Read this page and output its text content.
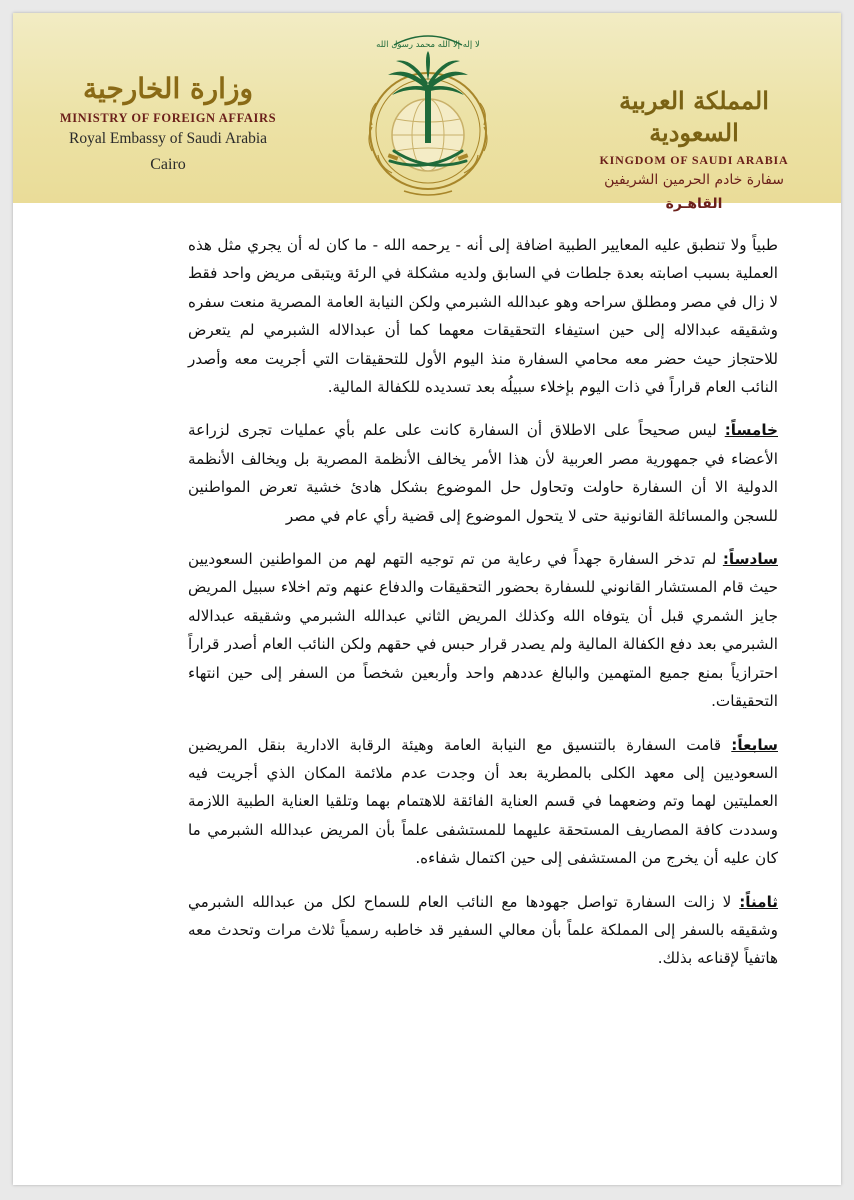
وزارة الخارجية
MINISTRY OF FOREIGN AFFAIRS
Royal Embassy of Saudi Arabia
Cairo
لا إله إلا الله محمد رسول الله
المملكة العربية السعودية
KINGDOM OF SAUDI ARABIA
سفارة خادم الحرمين الشريفين
القاهـرة

طبياً ولا تنطبق عليه المعايير الطبية اضافة إلى أنه - يرحمه الله - ما كان له أن يجري مثل هذه العملية بسبب اصابته بعدة جلطات في السابق ولديه مشكلة في الرئة ويتبقى مريض واحد فقط لا زال في مصر ومطلق سراحه وهو عبدالله الشبرمي ولكن النيابة العامة المصرية منعت سفره وشقيقه عبدالاله إلى حين استيفاء التحقيقات معهما كما أن عبدالاله الشبرمي لم يتعرض للاحتجاز حيث حضر معه محامي السفارة منذ اليوم الأول للتحقيقات التي أجريت معه وأصدر النائب العام قراراً في ذات اليوم بإخلاء سبيلُه بعد تسديده للكفالة المالية.

خامساً: ليس صحيحاً على الاطلاق أن السفارة كانت على علم بأي عمليات تجرى لزراعة الأعضاء في جمهورية مصر العربية لأن هذا الأمر يخالف الأنظمة المصرية بل ويخالف الأنظمة الدولية الا أن السفارة حاولت وتحاول حل الموضوع بشكل هادئ خشية تعرض المواطنين للسجن والمسائلة القانونية حتى لا يتحول الموضوع إلى قضية رأي عام في مصر

سادساً: لم تدخر السفارة جهداً في رعاية من تم توجيه التهم لهم من المواطنين السعوديين حيث قام المستشار القانوني للسفارة بحضور التحقيقات والدفاع عنهم وتم اخلاء سبيل المريض جايز الشمري قبل أن يتوفاه الله وكذلك المريض الثاني عبدالله الشبرمي وشقيقه عبدالاله الشبرمي بعد دفع الكفالة المالية ولم يصدر قرار حبس في حقهم ولكن النائب العام أصدر قراراً احترازياً بمنع جميع المتهمين والبالغ عددهم واحد وأربعين شخصاً من السفر إلى حين انتهاء التحقيقات.

سابعاً: قامت السفارة بالتنسيق مع النيابة العامة وهيئة الرقابة الادارية بنقل المريضين السعوديين إلى معهد الكلى بالمطرية بعد أن وجدت عدم ملائمة المكان الذي أجريت فيه العمليتين لهما وتم وضعهما في قسم العناية الفائقة للاهتمام بهما وتلقيا العناية الطبية اللازمة وسددت كافة المصاريف المستحقة عليهما للمستشفى علماً بأن المريض عبدالله الشبرمي ما كان عليه أن يخرج من المستشفى إلى حين اكتمال شفاءه.

ثامناً: لا زالت السفارة تواصل جهودها مع النائب العام للسماح لكل من عبدالله الشبرمي وشقيقه بالسفر إلى المملكة علماً بأن معالي السفير قد خاطبه رسمياً ثلاث مرات وتحدث معه هاتفياً لإقناعه بذلك.
